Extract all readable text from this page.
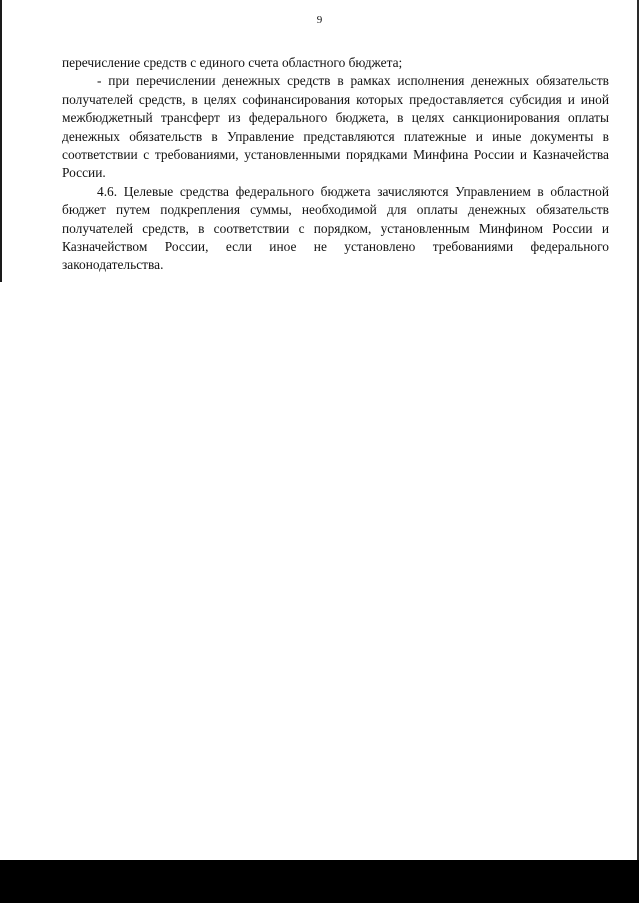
9

перечисление средств с единого счета областного бюджета;

- при перечислении денежных средств в рамках исполнения денежных обязательств получателей средств, в целях софинансирования которых предоставляется субсидия и иной межбюджетный трансферт из федерального бюджета, в целях санкционирования оплаты денежных обязательств в Управление представляются платежные и иные документы в соответствии с требованиями, установленными порядками Минфина России и Казначейства России.

4.6. Целевые средства федерального бюджета зачисляются Управлением в областной бюджет путем подкрепления суммы, необходимой для оплаты денежных обязательств получателей средств, в соответствии с порядком, установленным Минфином России и Казначейством России, если иное не установлено требованиями федерального законодательства.
